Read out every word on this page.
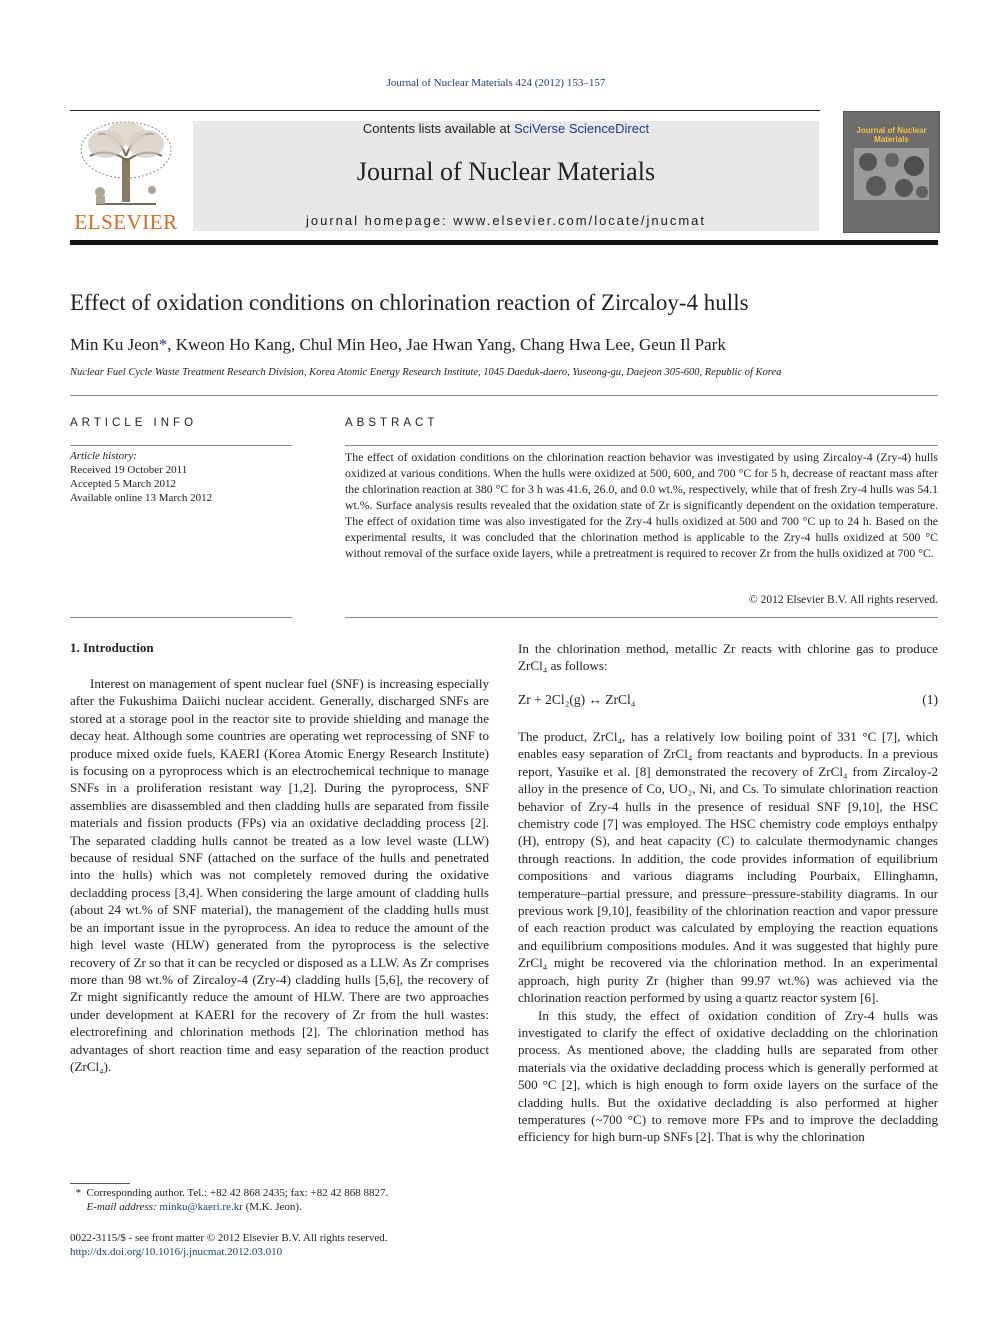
Journal of Nuclear Materials 424 (2012) 153–157
ELSEVIER
Contents lists available at SciVerse ScienceDirect
Journal of Nuclear Materials
journal homepage: www.elsevier.com/locate/jnucmat
Journal of Nuclear Materials
Effect of oxidation conditions on chlorination reaction of Zircaloy-4 hulls
Min Ku Jeon*, Kweon Ho Kang, Chul Min Heo, Jae Hwan Yang, Chang Hwa Lee, Geun Il Park
Nuclear Fuel Cycle Waste Treatment Research Division, Korea Atomic Energy Research Institute, 1045 Daeduk-daero, Yuseong-gu, Daejeon 305-600, Republic of Korea
ARTICLE INFO	ABSTRACT
Article history:
Received 19 October 2011
Accepted 5 March 2012
Available online 13 March 2012
The effect of oxidation conditions on the chlorination reaction behavior was investigated by using Zircaloy-4 (Zry-4) hulls oxidized at various conditions. When the hulls were oxidized at 500, 600, and 700 °C for 5 h, decrease of reactant mass after the chlorination reaction at 380 °C for 3 h was 41.6, 26.0, and 0.0 wt.%, respectively, while that of fresh Zry-4 hulls was 54.1 wt.%. Surface analysis results revealed that the oxidation state of Zr is significantly dependent on the oxidation temperature. The effect of oxidation time was also investigated for the Zry-4 hulls oxidized at 500 and 700 °C up to 24 h. Based on the experimental results, it was concluded that the chlorination method is applicable to the Zry-4 hulls oxidized at 500 °C without removal of the surface oxide layers, while a pretreatment is required to recover Zr from the hulls oxidized at 700 °C.
© 2012 Elsevier B.V. All rights reserved.
1. Introduction

Interest on management of spent nuclear fuel (SNF) is increasing especially after the Fukushima Daiichi nuclear accident. Generally, discharged SNFs are stored at a storage pool in the reactor site to provide shielding and manage the decay heat. Although some countries are operating wet reprocessing of SNF to produce mixed oxide fuels, KAERI (Korea Atomic Energy Research Institute) is focusing on a pyroprocess which is an electrochemical technique to manage SNFs in a proliferation resistant way [1,2]. During the pyroprocess, SNF assemblies are disassembled and then cladding hulls are separated from fissile materials and fission products (FPs) via an oxidative decladding process [2]. The separated cladding hulls cannot be treated as a low level waste (LLW) because of residual SNF (attached on the surface of the hulls and penetrated into the hulls) which was not completely removed during the oxidative decladding process [3,4]. When considering the large amount of cladding hulls (about 24 wt.% of SNF material), the management of the cladding hulls must be an important issue in the pyroprocess. An idea to reduce the amount of the high level waste (HLW) generated from the pyroprocess is the selective recovery of Zr so that it can be recycled or disposed as a LLW. As Zr comprises more than 98 wt.% of Zircaloy-4 (Zry-4) cladding hulls [5,6], the recovery of Zr might significantly reduce the amount of HLW. There are two approaches under development at KAERI for the recovery of Zr from the hull wastes: electrorefining and chlorination methods [2]. The chlorination method has advantages of short reaction time and easy separation of the reaction product (ZrCl₄).

In the chlorination method, metallic Zr reacts with chlorine gas to produce ZrCl₄ as follows:

Zr + 2Cl₂(g) ↔ ZrCl₄	(1)

The product, ZrCl₄, has a relatively low boiling point of 331 °C [7], which enables easy separation of ZrCl₄ from reactants and byproducts. In a previous report, Yasuike et al. [8] demonstrated the recovery of ZrCl₄ from Zircaloy-2 alloy in the presence of Co, UO₂, Ni, and Cs. To simulate chlorination reaction behavior of Zry-4 hulls in the presence of residual SNF [9,10], the HSC chemistry code [7] was employed. The HSC chemistry code employs enthalpy (H), entropy (S), and heat capacity (C) to calculate thermodynamic changes through reactions. In addition, the code provides information of equilibrium compositions and various diagrams including Pourbaix, Ellinghamn, temperature–partial pressure, and pressure–pressure-stability diagrams. In our previous work [9,10], feasibility of the chlorination reaction and vapor pressure of each reaction product was calculated by employing the reaction equations and equilibrium compositions modules. And it was suggested that highly pure ZrCl₄ might be recovered via the chlorination method. In an experimental approach, high purity Zr (higher than 99.97 wt.%) was achieved via the chlorination reaction performed by using a quartz reactor system [6].

In this study, the effect of oxidation condition of Zry-4 hulls was investigated to clarify the effect of oxidative decladding on the chlorination process. As mentioned above, the cladding hulls are separated from other materials via the oxidative decladding process which is generally performed at 500 °C [2], which is high enough to form oxide layers on the surface of the cladding hulls. But the oxidative decladding is also performed at higher temperatures (~700 °C) to remove more FPs and to improve the decladding efficiency for high burn-up SNFs [2]. That is why the chlorination

* Corresponding author. Tel.: +82 42 868 2435; fax: +82 42 868 8827.
E-mail address: minku@kaeri.re.kr (M.K. Jeon).
0022-3115/$ - see front matter © 2012 Elsevier B.V. All rights reserved.
http://dx.doi.org/10.1016/j.jnucmat.2012.03.010
